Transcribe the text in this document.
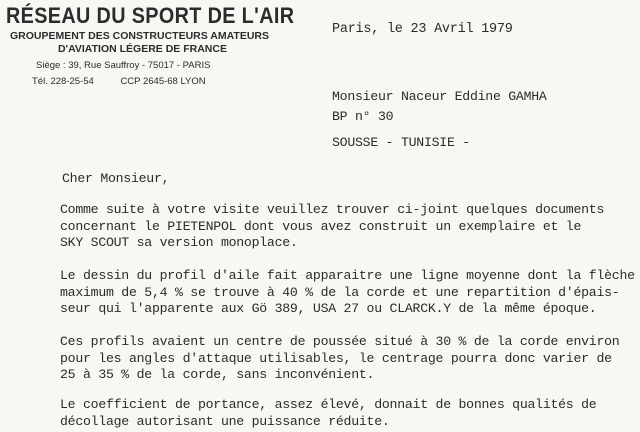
RÉSEAU DU SPORT DE L'AIR
GROUPEMENT DES CONSTRUCTEURS AMATEURS
D'AVIATION LÉGERE DE FRANCE
Siège : 39, Rue Sauffroy - 75017 - PARIS
Tél. 228-25-54	CCP 2645-68 LYON
Paris, le 23 Avril 1979
Monsieur Naceur Eddine GAMHA
BP n° 30
SOUSSE - TUNISIE -
Cher Monsieur,
Comme suite à votre visite veuillez trouver ci-joint quelques documents
concernant le PIETENPOL dont vous avez construit un exemplaire et le
SKY SCOUT sa version monoplace.
Le dessin du profil d'aile fait apparaitre une ligne moyenne dont la flèche
maximum de 5,4 % se trouve à 40 % de la corde et une repartition d'épais-
seur qui l'apparente aux Gö 389, USA 27 ou CLARCK.Y de la même époque.
Ces profils avaient un centre de poussée situé à 30 % de la corde environ
pour les angles d'attaque utilisables, le centrage pourra donc varier de
25 à 35 % de la corde, sans inconvénient.
Le coefficient de portance, assez élevé, donnait de bonnes qualités de
décollage autorisant une puissance réduite.
